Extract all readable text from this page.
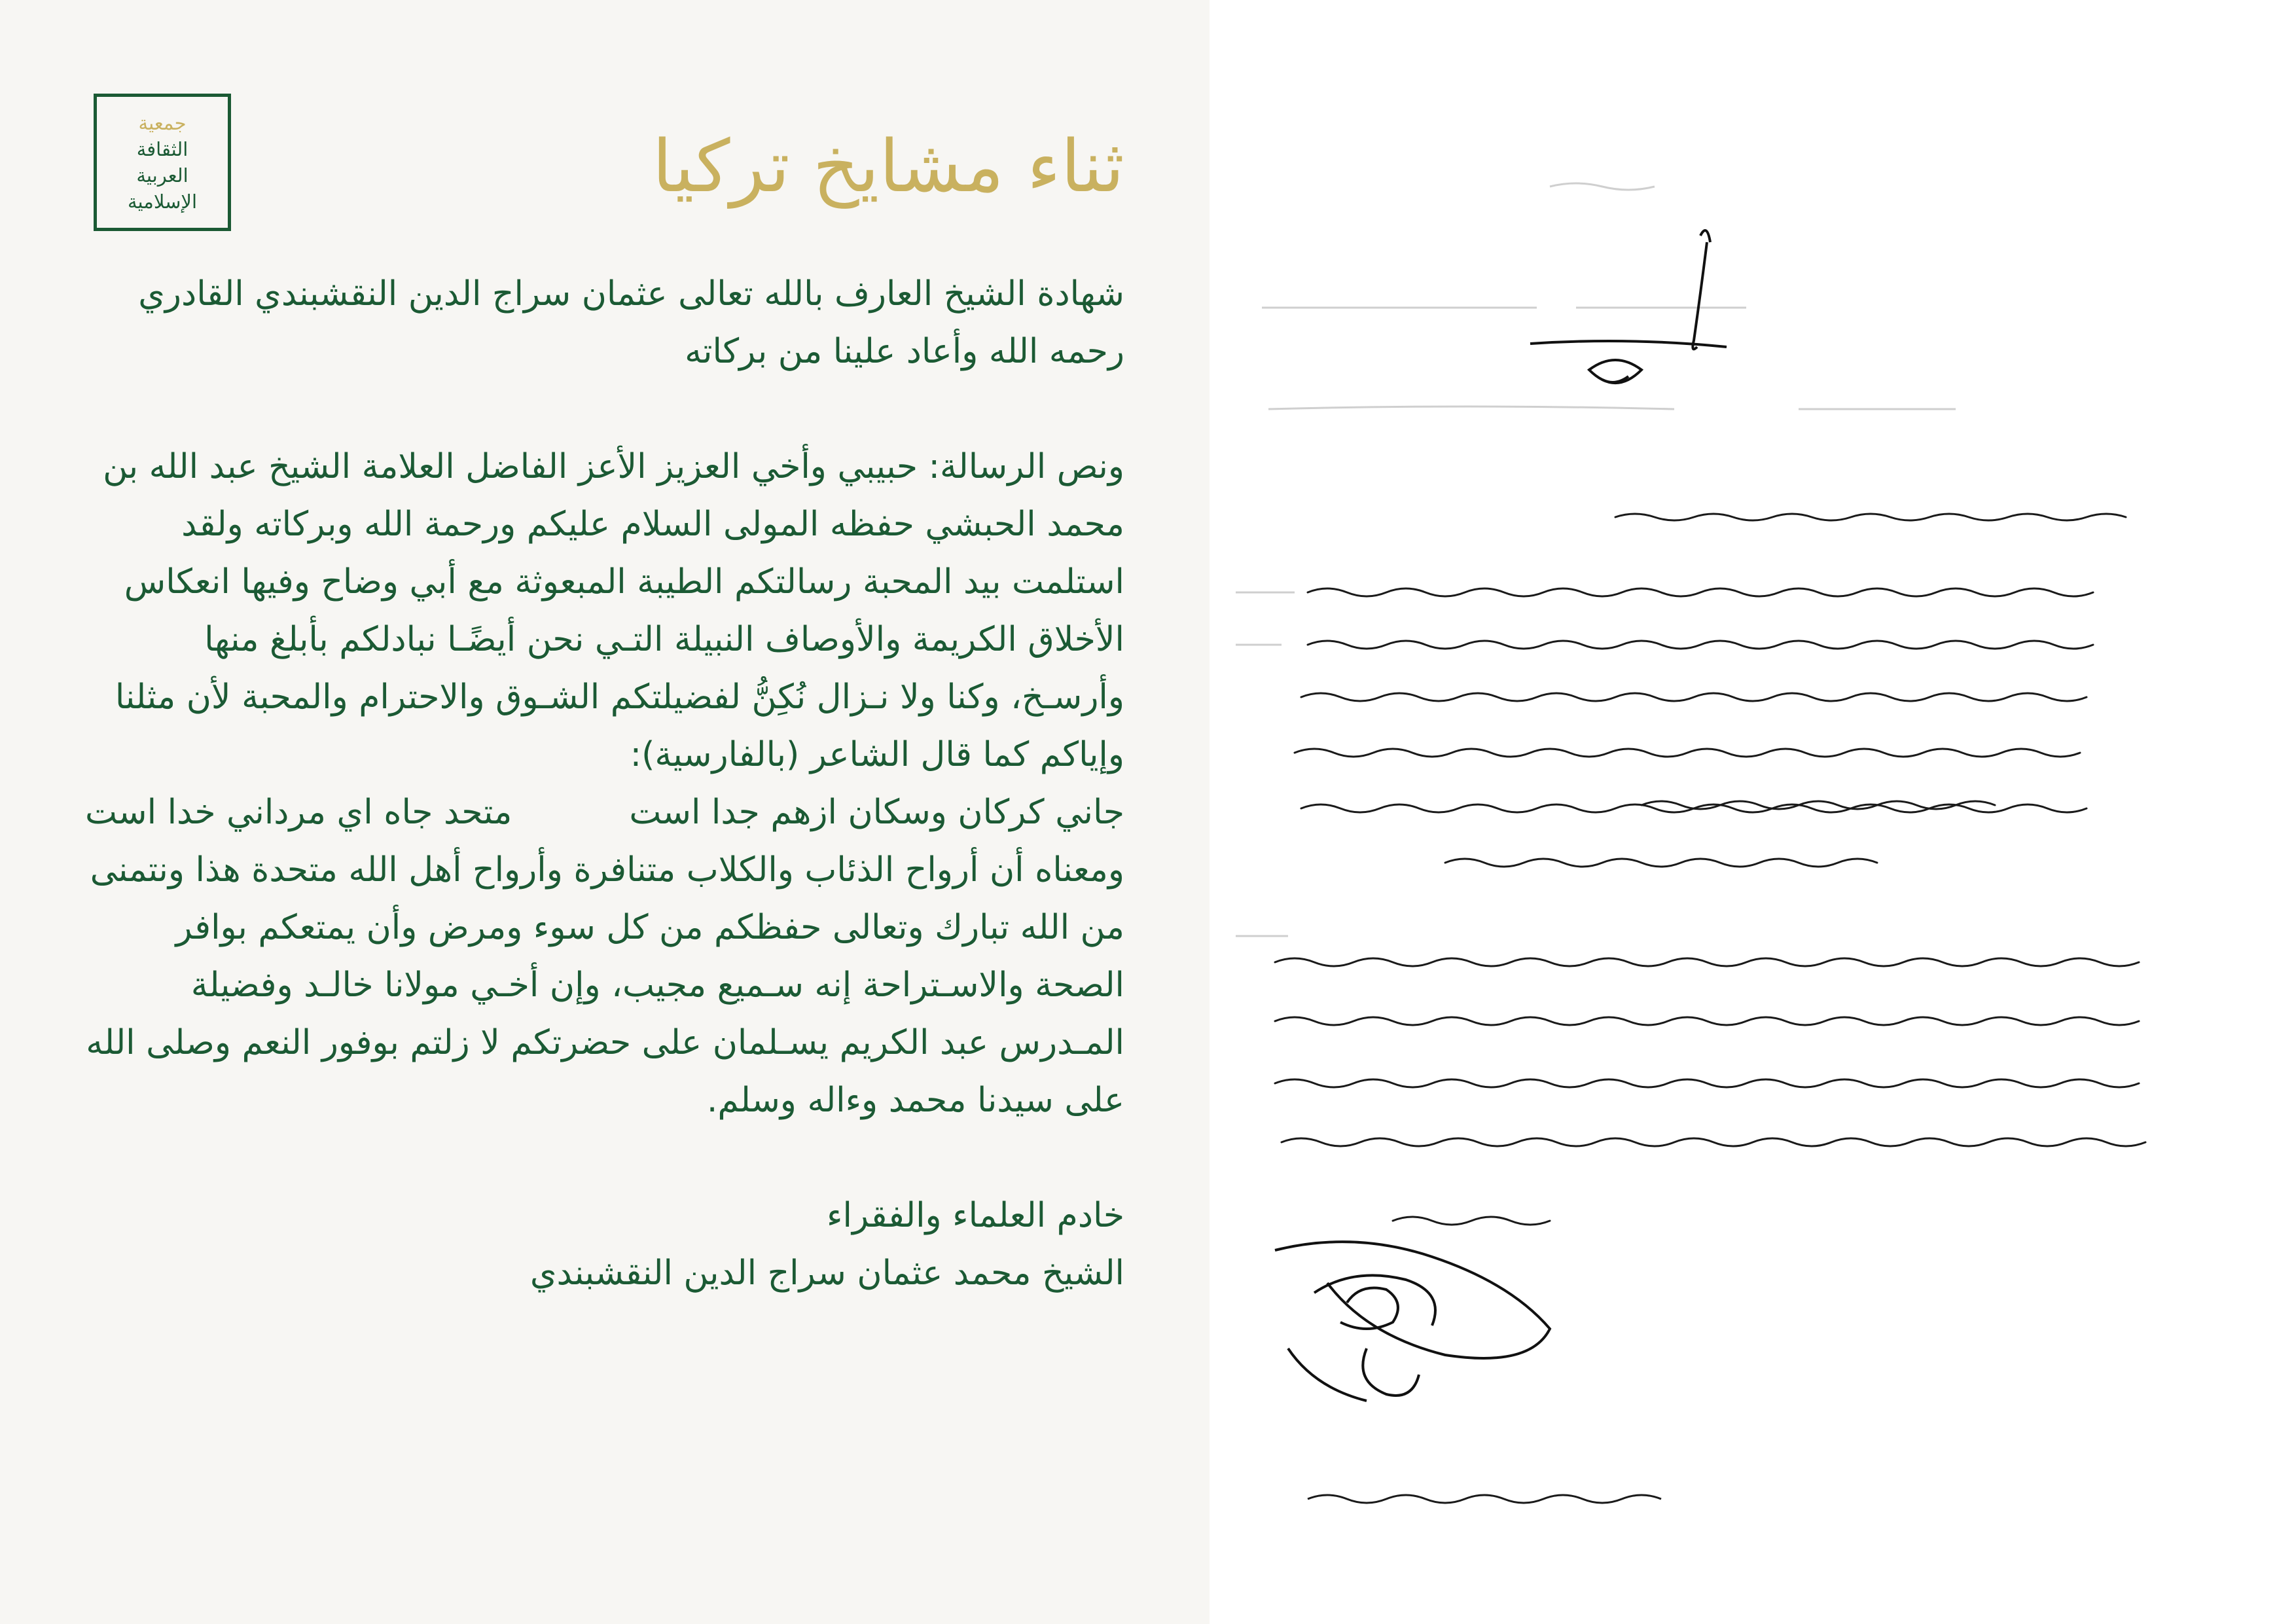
جمعية
الثقافة
العربية
الإسلامية	ثناء مشايخ تركيا

شهادة الشيخ العارف بالله تعالى عثمان سراج الدين النقشبندي القادري رحمه الله وأعاد علينا من بركاته

ونص الرسالة: حبيبي وأخي العزيز الأعز الفاضل العلامة الشيخ عبد الله بن محمد الحبشي حفظه المولى السلام عليكم ورحمة الله وبركاته ولقد استلمت بيد المحبة رسالتكم الطيبة المبعوثة مع أبي وضاح وفيها انعكاس الأخلاق الكريمة والأوصاف النبيلة التـي نحن أيضًـا نبادلكم بأبلغ منها وأرسـخ، وكنا ولا نـزال نُكِنُّ لفضيلتكم الشـوق والاحترام والمحبة لأن مثلنا وإياكم كما قال الشاعر (بالفارسية):

جاني كركان وسكان ازهم جدا است
متحد جاه اي مرداني خدا است

ومعناه أن أرواح الذئاب والكلاب متنافرة وأرواح أهل الله متحدة هذا ونتمنى من الله تبارك وتعالى حفظكم من كل سوء ومرض وأن يمتعكم بوافر الصحة والاسـتراحة إنه سـميع مجيب، وإن أخـي مولانا خالـد وفضيلة المـدرس عبد الكريم يسـلمان على حضرتكم لا زلتم بوفور النعم وصلى الله على سيدنا محمد وءاله وسلم.

خادم العلماء والفقراء

الشيخ محمد عثمان سراج الدين النقشبندي
